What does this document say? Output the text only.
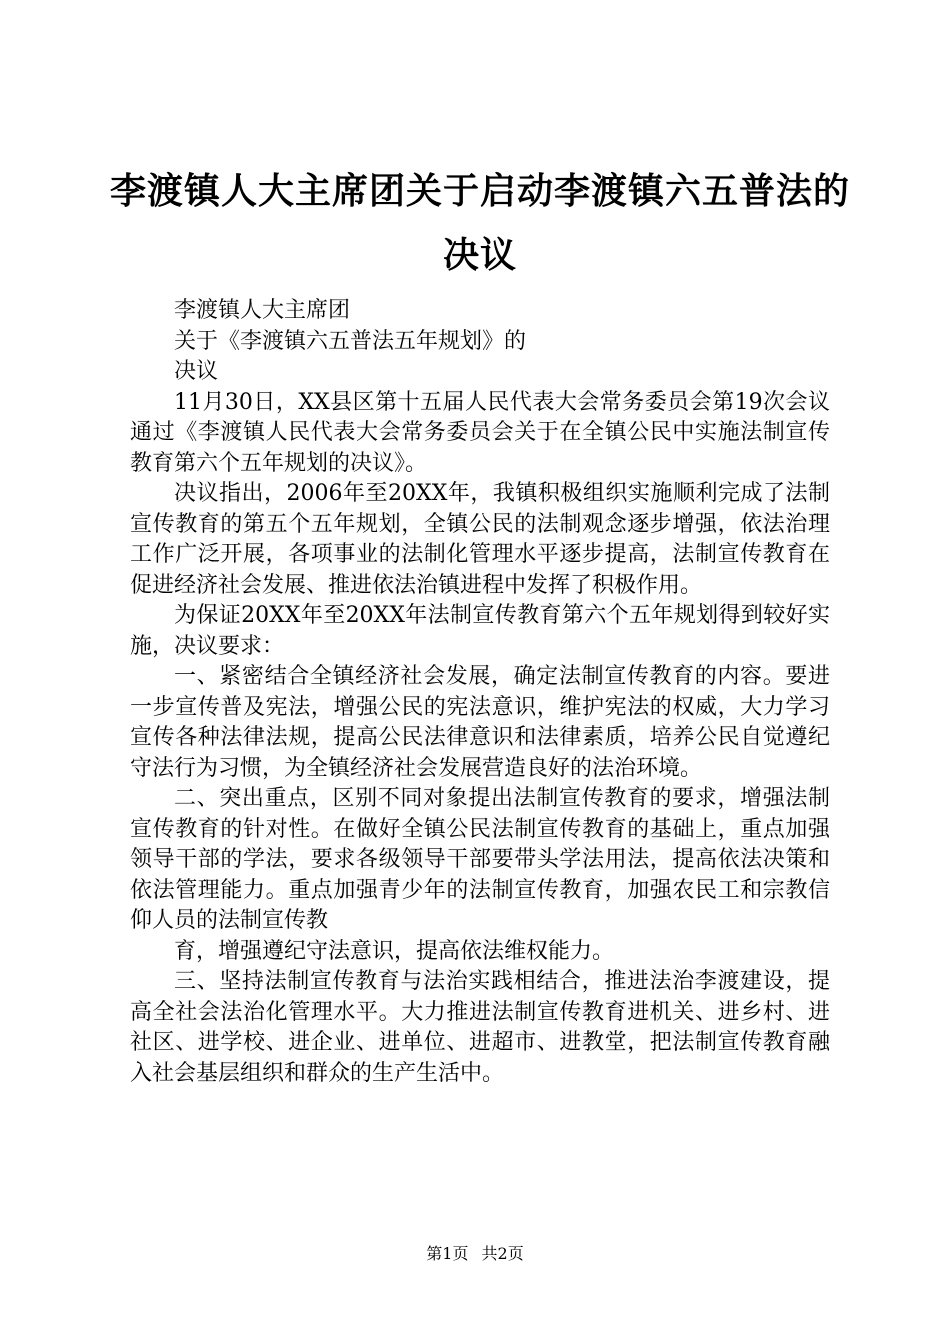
李渡镇人大主席团关于启动李渡镇六五普法的决议

李渡镇人大主席团

关于《李渡镇六五普法五年规划》的

决议

11月30日，XX县区第十五届人民代表大会常务委员会第19次会议通过《李渡镇人民代表大会常务委员会关于在全镇公民中实施法制宣传教育第六个五年规划的决议》。

决议指出，2006年至20XX年，我镇积极组织实施顺利完成了法制宣传教育的第五个五年规划，全镇公民的法制观念逐步增强，依法治理工作广泛开展，各项事业的法制化管理水平逐步提高，法制宣传教育在促进经济社会发展、推进依法治镇进程中发挥了积极作用。

为保证20XX年至20XX年法制宣传教育第六个五年规划得到较好实施，决议要求：

一、紧密结合全镇经济社会发展，确定法制宣传教育的内容。要进一步宣传普及宪法，增强公民的宪法意识，维护宪法的权威，大力学习宣传各种法律法规，提高公民法律意识和法律素质，培养公民自觉遵纪守法行为习惯，为全镇经济社会发展营造良好的法治环境。

二、突出重点，区别不同对象提出法制宣传教育的要求，增强法制宣传教育的针对性。在做好全镇公民法制宣传教育的基础上，重点加强领导干部的学法，要求各级领导干部要带头学法用法，提高依法决策和依法管理能力。重点加强青少年的法制宣传教育，加强农民工和宗教信仰人员的法制宣传教

育，增强遵纪守法意识，提高依法维权能力。

三、坚持法制宣传教育与法治实践相结合，推进法治李渡建设，提高全社会法治化管理水平。大力推进法制宣传教育进机关、进乡村、进社区、进学校、进企业、进单位、进超市、进教堂，把法制宣传教育融入社会基层组织和群众的生产生活中。

第1页 共2页
